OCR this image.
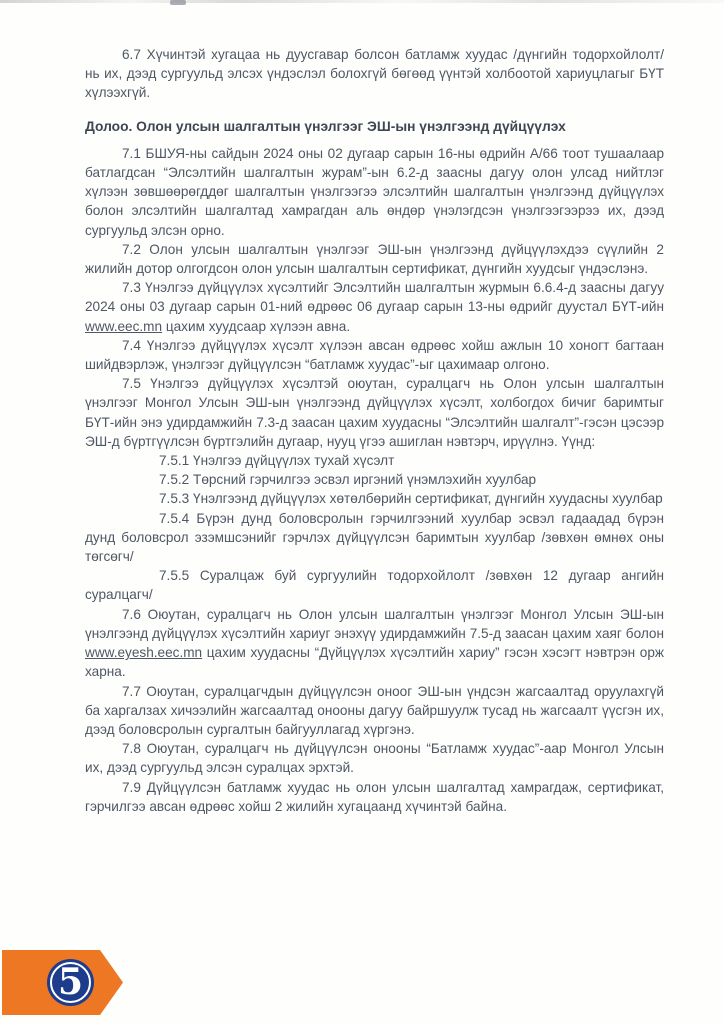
6.7 Хүчинтэй хугацаа нь дуусгавар болсон батламж хуудас /дүнгийн тодорхойлолт/ нь их, дээд сургуульд элсэх үндэслэл болохгүй бөгөөд үүнтэй холбоотой хариуцлагыг БҮТ хүлээхгүй.

Долоо. Олон улсын шалгалтын үнэлгээг ЭШ-ын үнэлгээнд дүйцүүлэх

7.1 БШУЯ-ны сайдын 2024 оны 02 дугаар сарын 16-ны өдрийн А/66 тоот тушаалаар батлагдсан “Элсэлтийн шалгалтын журам”-ын 6.2-д заасны дагуу олон улсад нийтлэг хүлээн зөвшөөрөгддөг шалгалтын үнэлгээгээ элсэлтийн шалгалтын үнэлгээнд дүйцүүлэх болон элсэлтийн шалгалтад хамрагдан аль өндөр үнэлэгдсэн үнэлгээгээрээ их, дээд сургуульд элсэн орно.

7.2 Олон улсын шалгалтын үнэлгээг ЭШ-ын үнэлгээнд дүйцүүлэхдээ сүүлийн 2 жилийн дотор олгогдсон олон улсын шалгалтын сертификат, дүнгийн хуудсыг үндэслэнэ.

7.3 Үнэлгээ дүйцүүлэх хүсэлтийг Элсэлтийн шалгалтын журмын 6.6.4-д заасны дагуу 2024 оны 03 дугаар сарын 01-ний өдрөөс 06 дугаар сарын 13-ны өдрийг дуустал БҮТ-ийн www.eec.mn цахим хуудсаар хүлээн авна.

7.4 Үнэлгээ дүйцүүлэх хүсэлт хүлээн авсан өдрөөс хойш ажлын 10 хоногт багтаан шийдвэрлэж, үнэлгээг дүйцүүлсэн “батламж хуудас”-ыг цахимаар олгоно.

7.5 Үнэлгээ дүйцүүлэх хүсэлтэй оюутан, суралцагч нь Олон улсын шалгалтын үнэлгээг Монгол Улсын ЭШ-ын үнэлгээнд дүйцүүлэх хүсэлт, холбогдох бичиг баримтыг БҮТ-ийн энэ удирдамжийн 7.3-д заасан цахим хуудасны “Элсэлтийн шалгалт”-гэсэн цэсээр ЭШ-д бүртгүүлсэн бүртгэлийн дугаар, нууц үгээ ашиглан нэвтэрч, ирүүлнэ. Үүнд:

7.5.1 Үнэлгээ дүйцүүлэх тухай хүсэлт

7.5.2 Төрсний гэрчилгээ эсвэл иргэний үнэмлэхийн хуулбар

7.5.3 Үнэлгээнд дүйцүүлэх хөтөлбөрийн сертификат, дүнгийн хуудасны хуулбар

7.5.4 Бүрэн дунд боловсролын гэрчилгээний хуулбар эсвэл гадаадад бүрэн дунд боловсрол эзэмшсэнийг гэрчлэх дүйцүүлсэн баримтын хуулбар /зөвхөн өмнөх оны төгсөгч/

7.5.5 Суралцаж буй сургуулийн тодорхойлолт /зөвхөн 12 дугаар ангийн суралцагч/

7.6 Оюутан, суралцагч нь Олон улсын шалгалтын үнэлгээг Монгол Улсын ЭШ-ын үнэлгээнд дүйцүүлэх хүсэлтийн хариуг энэхүү удирдамжийн 7.5-д заасан цахим хаяг болон www.eyesh.eec.mn цахим хуудасны “Дүйцүүлэх хүсэлтийн хариу” гэсэн хэсэгт нэвтрэн орж харна.

7.7 Оюутан, суралцагчдын дүйцүүлсэн оноог ЭШ-ын үндсэн жагсаалтад оруулахгүй ба харгалзах хичээлийн жагсаалтад онооны дагуу байршуулж тусад нь жагсаалт үүсгэн их, дээд боловсролын сургалтын байгууллагад хүргэнэ.

7.8 Оюутан, суралцагч нь дүйцүүлсэн онооны “Батламж хуудас”-аар Монгол Улсын их, дээд сургуульд элсэн суралцах эрхтэй.

7.9 Дүйцүүлсэн батламж хуудас нь олон улсын шалгалтад хамрагдаж, сертификат, гэрчилгээ авсан өдрөөс хойш 2 жилийн хугацаанд хүчинтэй байна.

5
